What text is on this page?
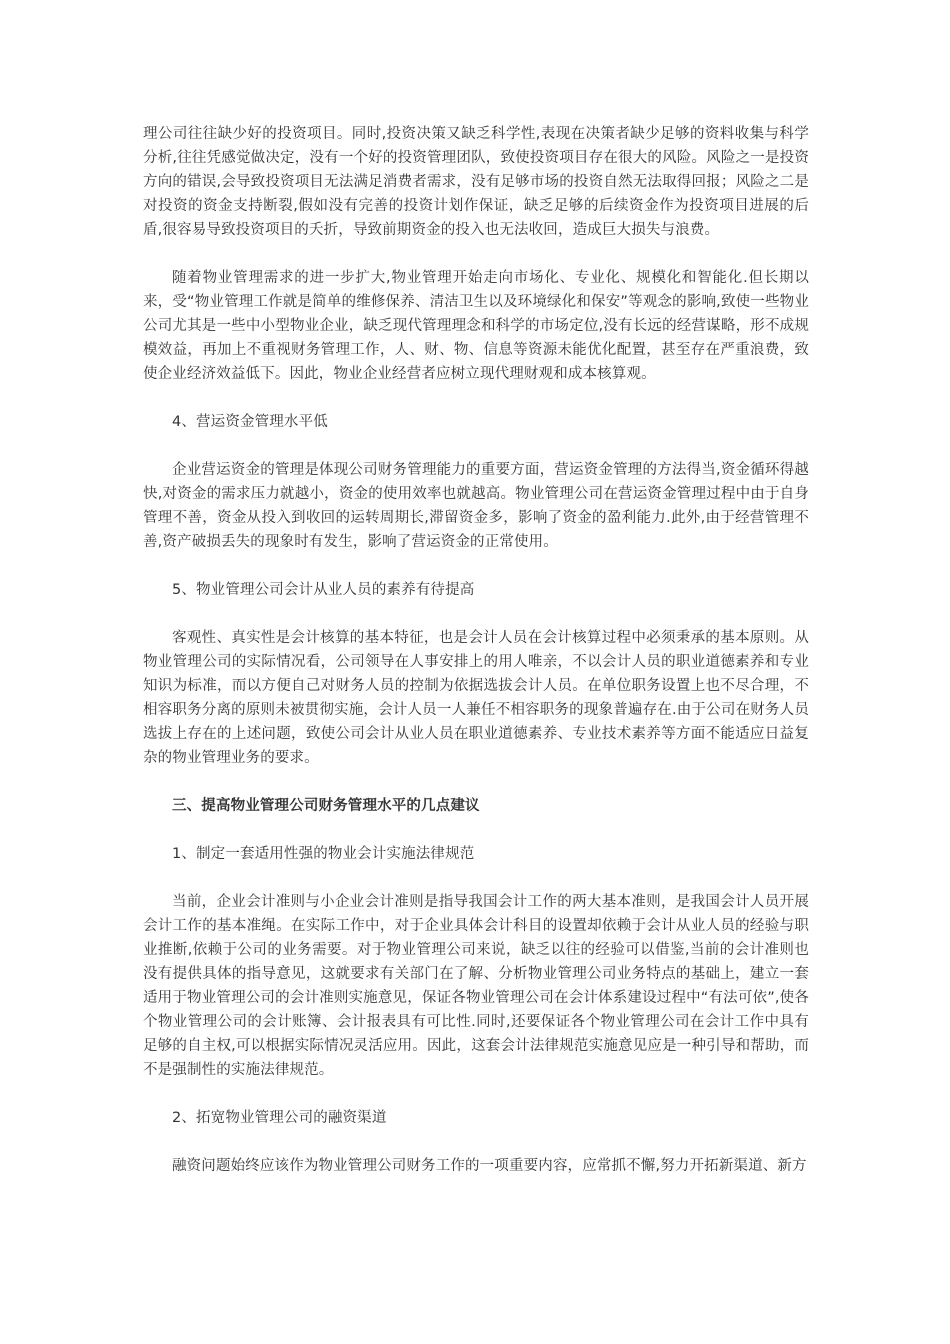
理公司往往缺少好的投资项目。同时,投资决策又缺乏科学性,表现在决策者缺少足够的资料收集与科学分析,往往凭感觉做决定，没有一个好的投资管理团队，致使投资项目存在很大的风险。风险之一是投资方向的错误,会导致投资项目无法满足消费者需求，没有足够市场的投资自然无法取得回报；风险之二是对投资的资金支持断裂,假如没有完善的投资计划作保证，缺乏足够的后续资金作为投资项目进展的后盾,很容易导致投资项目的夭折，导致前期资金的投入也无法收回，造成巨大损失与浪费。

随着物业管理需求的进一步扩大,物业管理开始走向市场化、专业化、规模化和智能化.但长期以来，受“物业管理工作就是简单的维修保养、清洁卫生以及环境绿化和保安”等观念的影响,致使一些物业公司尤其是一些中小型物业企业，缺乏现代管理理念和科学的市场定位,没有长远的经营谋略，形不成规模效益，再加上不重视财务管理工作，人、财、物、信息等资源未能优化配置，甚至存在严重浪费，致使企业经济效益低下。因此，物业企业经营者应树立现代理财观和成本核算观。

4、营运资金管理水平低

企业营运资金的管理是体现公司财务管理能力的重要方面，营运资金管理的方法得当,资金循环得越快,对资金的需求压力就越小，资金的使用效率也就越高。物业管理公司在营运资金管理过程中由于自身管理不善，资金从投入到收回的运转周期长,滞留资金多，影响了资金的盈利能力.此外,由于经营管理不善,资产破损丢失的现象时有发生，影响了营运资金的正常使用。

5、物业管理公司会计从业人员的素养有待提高

客观性、真实性是会计核算的基本特征，也是会计人员在会计核算过程中必须秉承的基本原则。从物业管理公司的实际情况看，公司领导在人事安排上的用人唯亲，不以会计人员的职业道德素养和专业知识为标准，而以方便自己对财务人员的控制为依据选拔会计人员。在单位职务设置上也不尽合理，不相容职务分离的原则未被贯彻实施，会计人员一人兼任不相容职务的现象普遍存在.由于公司在财务人员选拔上存在的上述问题，致使公司会计从业人员在职业道德素养、专业技术素养等方面不能适应日益复杂的物业管理业务的要求。

三、提高物业管理公司财务管理水平的几点建议

1、制定一套适用性强的物业会计实施法律规范

当前，企业会计准则与小企业会计准则是指导我国会计工作的两大基本准则，是我国会计人员开展会计工作的基本准绳。在实际工作中，对于企业具体会计科目的设置却依赖于会计从业人员的经验与职业推断,依赖于公司的业务需要。对于物业管理公司来说，缺乏以往的经验可以借鉴,当前的会计准则也没有提供具体的指导意见，这就要求有关部门在了解、分析物业管理公司业务特点的基础上，建立一套适用于物业管理公司的会计准则实施意见，保证各物业管理公司在会计体系建设过程中“有法可依”,使各个物业管理公司的会计账簿、会计报表具有可比性.同时,还要保证各个物业管理公司在会计工作中具有足够的自主权,可以根据实际情况灵活应用。因此，这套会计法律规范实施意见应是一种引导和帮助，而不是强制性的实施法律规范。

2、拓宽物业管理公司的融资渠道

融资问题始终应该作为物业管理公司财务工作的一项重要内容，应常抓不懈,努力开拓新渠道、新方
